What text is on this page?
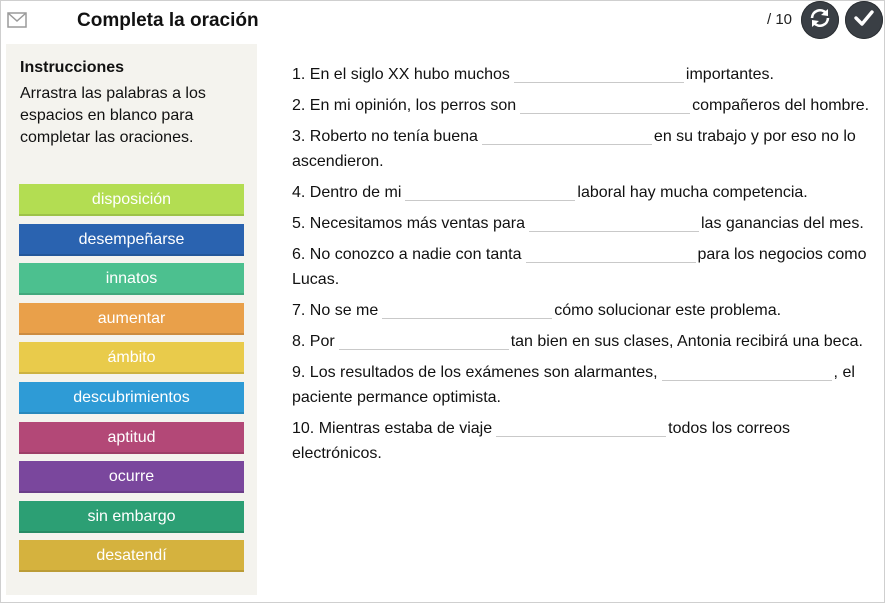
Completa la oración	/ 10
Instrucciones
Arrastra las palabras a los espacios en blanco para completar las oraciones.
disposición
desempeñarse
innatos
aumentar
ámbito
descubrimientos
aptitud
ocurre
sin embargo
desatendí

1. En el siglo XX hubo muchos	importantes.

2. En mi opinión, los perros son	compañeros del hombre.

3. Roberto no tenía buena	en su trabajo y por eso no lo ascendieron.

4. Dentro de mi	laboral hay mucha competencia.

5. Necesitamos más ventas para	las ganancias del mes.

6. No conozco a nadie con tanta	para los negocios como Lucas.

7. No se me	cómo solucionar este problema.

8. Por	tan bien en sus clases, Antonia recibirá una beca.

9. Los resultados de los exámenes son alarmantes,	, el paciente permance optimista.

10. Mientras estaba de viaje	todos los correos electrónicos.
